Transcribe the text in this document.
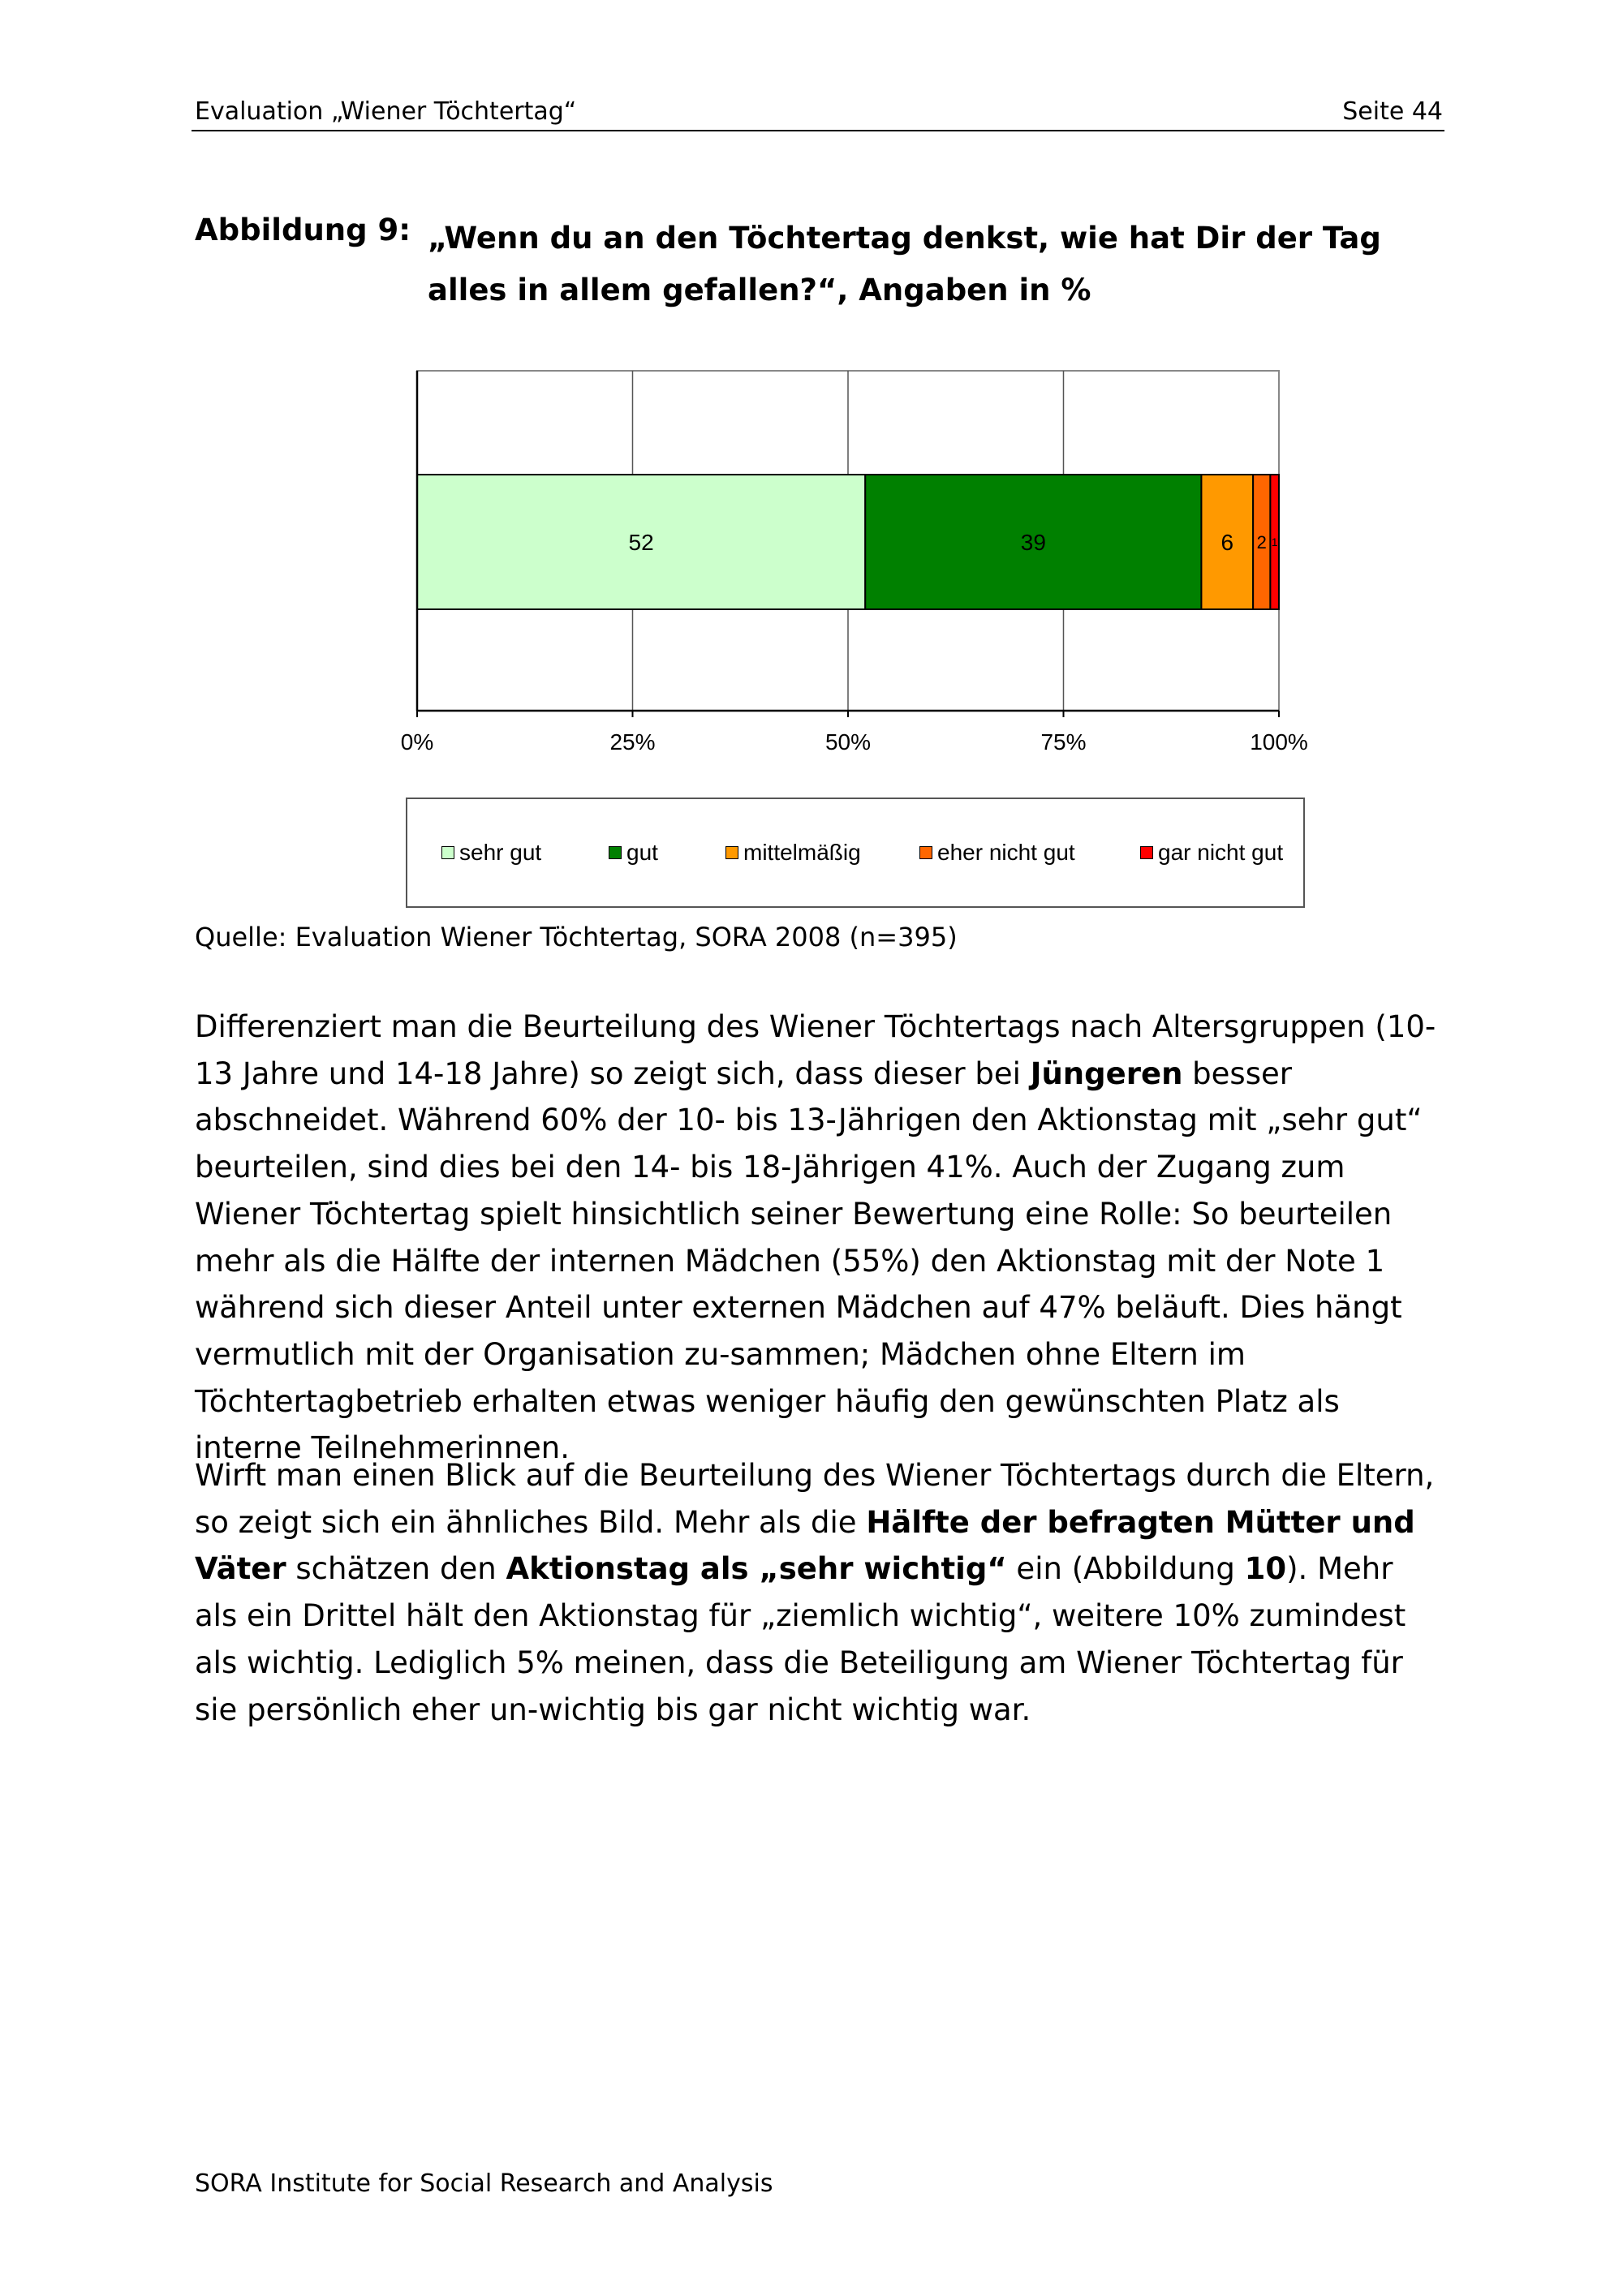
Evaluation „Wiener Töchtertag“	Seite 44
Abbildung 9: „Wenn du an den Töchtertag denkst, wie hat Dir der Tag alles in allem gefallen?“, Angaben in %
52	39	6 2 1
0%	25%	50%	75%	100%
sehr gut	gut	mittelmäßig	eher nicht gut	gar nicht gut
Quelle: Evaluation Wiener Töchtertag, SORA 2008 (n=395)
Differenziert man die Beurteilung des Wiener Töchtertags nach Altersgruppen (10-13 Jahre und 14-18 Jahre) so zeigt sich, dass dieser bei Jüngeren besser abschneidet. Während 60% der 10- bis 13-Jährigen den Aktionstag mit „sehr gut“ beurteilen, sind dies bei den 14- bis 18-Jährigen 41%. Auch der Zugang zum Wiener Töchtertag spielt hinsichtlich seiner Bewertung eine Rolle: So beurteilen mehr als die Hälfte der internen Mädchen (55%) den Aktionstag mit der Note 1 während sich dieser Anteil unter externen Mädchen auf 47% beläuft. Dies hängt vermutlich mit der Organisation zu-sammen; Mädchen ohne Eltern im Töchtertagbetrieb erhalten etwas weniger häufig den gewünschten Platz als interne Teilnehmerinnen.
Wirft man einen Blick auf die Beurteilung des Wiener Töchtertags durch die Eltern, so zeigt sich ein ähnliches Bild. Mehr als die Hälfte der befragten Mütter und Väter schätzen den Aktionstag als „sehr wichtig“ ein (Abbildung 10). Mehr als ein Drittel hält den Aktionstag für „ziemlich wichtig“, weitere 10% zumindest als wichtig. Lediglich 5% meinen, dass die Beteiligung am Wiener Töchtertag für sie persönlich eher un-wichtig bis gar nicht wichtig war.
SORA Institute for Social Research and Analysis
